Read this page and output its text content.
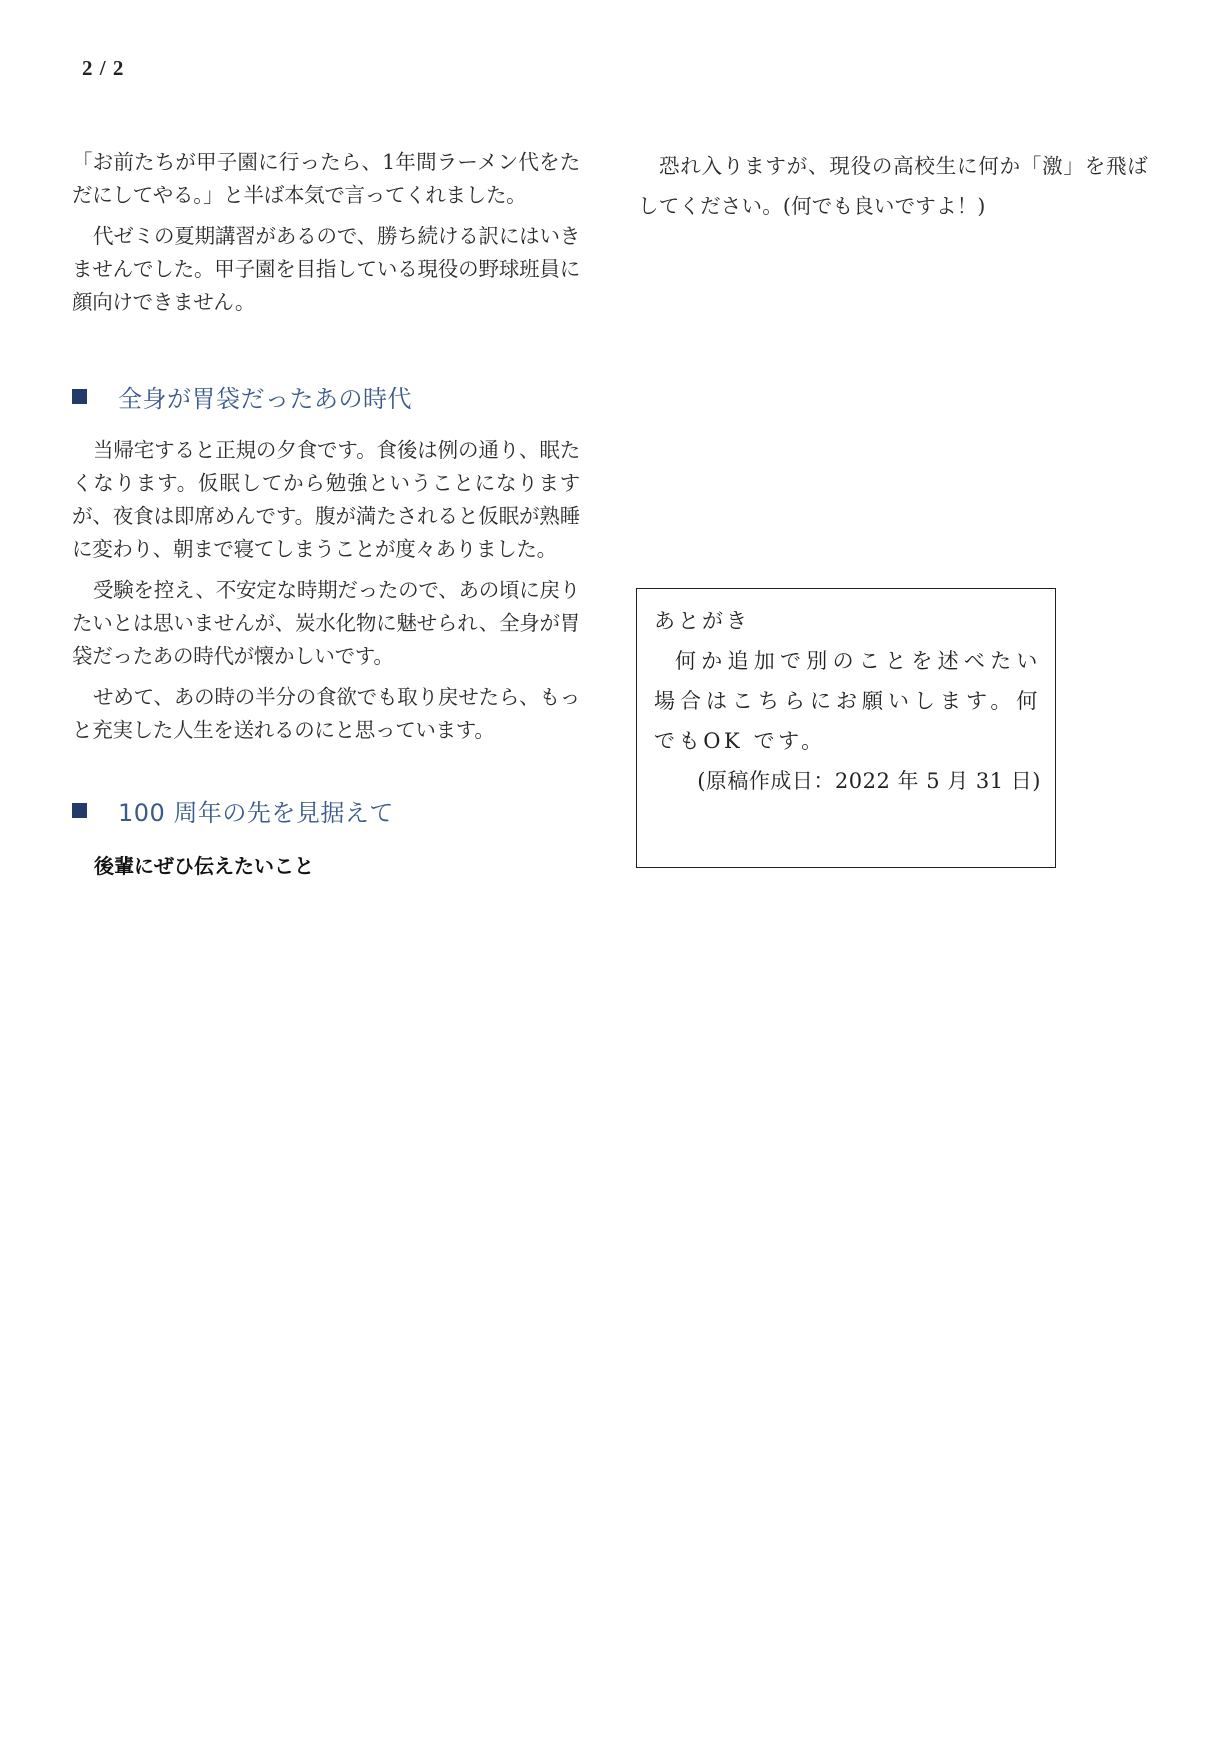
2 / 2

「お前たちが甲子園に行ったら、1年間ラーメン代をただにしてやる。」と半ば本気で言ってくれました。

代ゼミの夏期講習があるので、勝ち続ける訳にはいきませんでした。甲子園を目指している現役の野球班員に顔向けできません。

全身が胃袋だったあの時代

当帰宅すると正規の夕食です。食後は例の通り、眠たくなります。仮眠してから勉強ということになりますが、夜食は即席めんです。腹が満たされると仮眠が熟睡に変わり、朝まで寝てしまうことが度々ありました。

受験を控え、不安定な時期だったので、あの頃に戻りたいとは思いませんが、炭水化物に魅せられ、全身が胃袋だったあの時代が懐かしいです。

せめて、あの時の半分の食欲でも取り戻せたら、もっと充実した人生を送れるのにと思っています。

100 周年の先を見据えて
後輩にぜひ伝えたいこと

恐れ入りますが、現役の高校生に何か「激」を飛ばしてください。(何でも良いですよ！)

あとがき
何か追加で別のことを述べたい場合はこちらにお願いします。何でもOK です。
(原稿作成日：2022 年 5 月 31 日)
